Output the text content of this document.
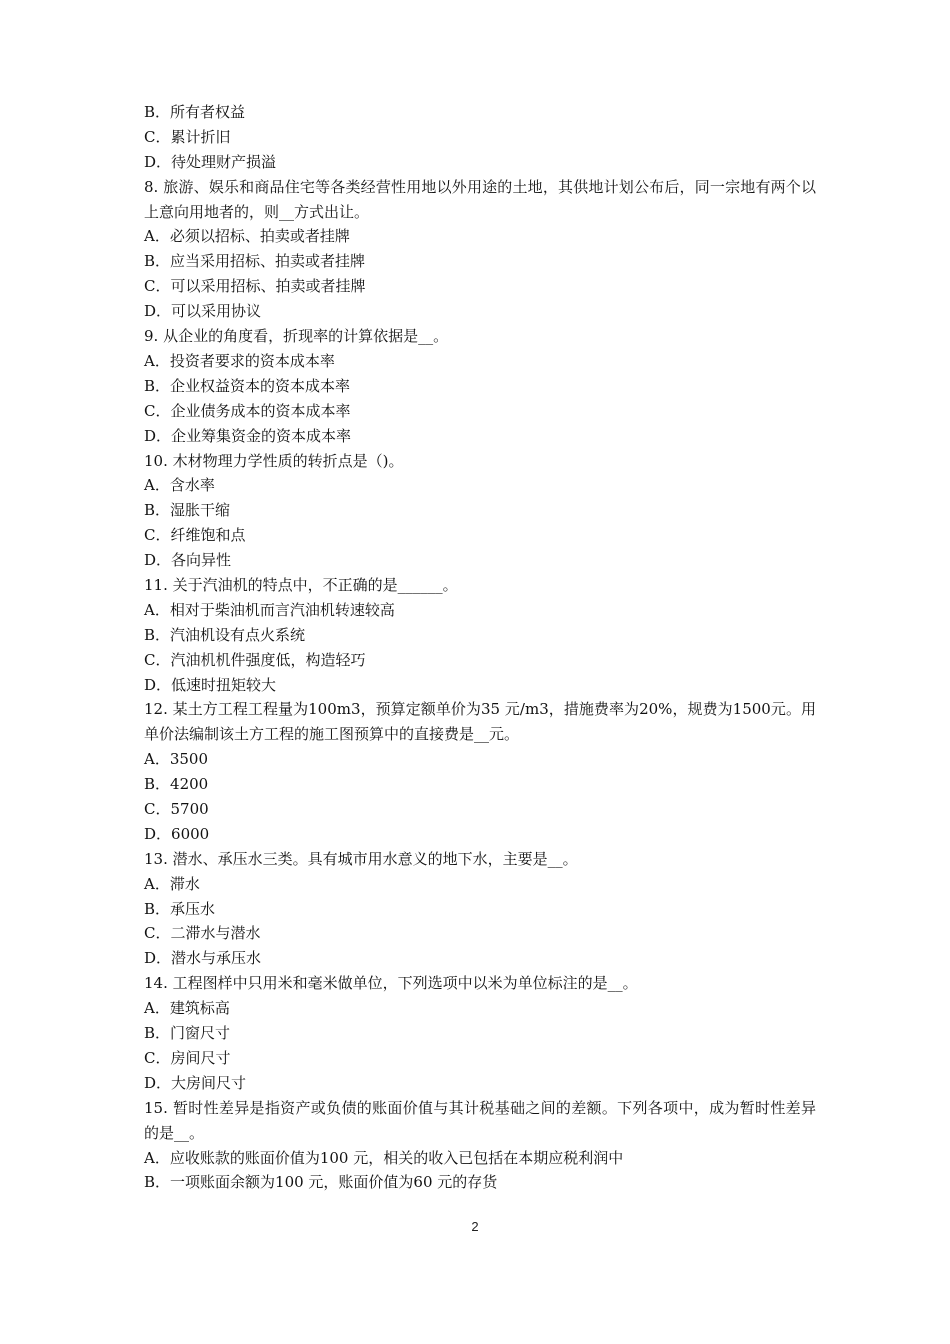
B．所有者权益
C．累计折旧
D．待处理财产损溢
8. 旅游、娱乐和商品住宅等各类经营性用地以外用途的土地，其供地计划公布后，同一宗地有两个以上意向用地者的，则__方式出让。
A．必须以招标、拍卖或者挂牌
B．应当采用招标、拍卖或者挂牌
C．可以采用招标、拍卖或者挂牌
D．可以采用协议
9. 从企业的角度看，折现率的计算依据是__。
A．投资者要求的资本成本率
B．企业权益资本的资本成本率
C．企业债务成本的资本成本率
D．企业筹集资金的资本成本率
10. 木材物理力学性质的转折点是（)。
A．含水率
B．湿胀干缩
C．纤维饱和点
D．各向异性
11. 关于汽油机的特点中，不正确的是______。
A．相对于柴油机而言汽油机转速较高
B．汽油机设有点火系统
C．汽油机机件强度低，构造轻巧
D．低速时扭矩较大
12. 某土方工程工程量为100m3，预算定额单价为35 元/m3，措施费率为20%，规费为1500元。用单价法编制该土方工程的施工图预算中的直接费是__元。
A．3500
B．4200
C．5700
D．6000
13. 潜水、承压水三类。具有城市用水意义的地下水，主要是__。
A．滞水
B．承压水
C．二滞水与潜水
D．潜水与承压水
14. 工程图样中只用米和毫米做单位，下列选项中以米为单位标注的是__。
A．建筑标高
B．门窗尺寸
C．房间尺寸
D．大房间尺寸
15. 暂时性差异是指资产或负债的账面价值与其计税基础之间的差额。下列各项中，成为暂时性差异的是__。
A．应收账款的账面价值为100 元，相关的收入已包括在本期应税利润中
B．一项账面余额为100 元，账面价值为60 元的存货
2
